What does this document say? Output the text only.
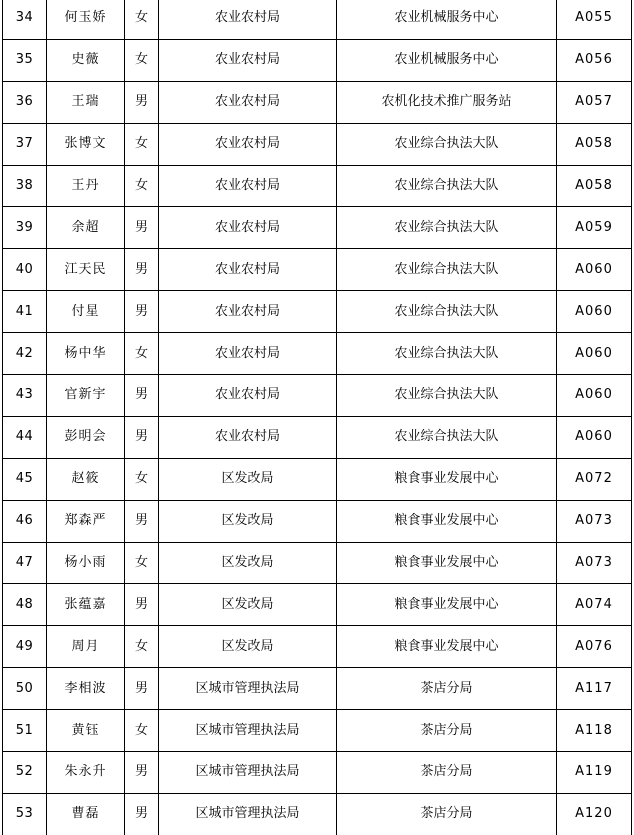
34	何玉娇	女	农业农村局	农业机械服务中心	A055
35	史薇	女	农业农村局	农业机械服务中心	A056
36	王瑞	男	农业农村局	农机化技术推广服务站	A057
37	张博文	女	农业农村局	农业综合执法大队	A058
38	王丹	女	农业农村局	农业综合执法大队	A058
39	余超	男	农业农村局	农业综合执法大队	A059
40	江天民	男	农业农村局	农业综合执法大队	A060
41	付星	男	农业农村局	农业综合执法大队	A060
42	杨中华	女	农业农村局	农业综合执法大队	A060
43	官新宇	男	农业农村局	农业综合执法大队	A060
44	彭明会	男	农业农村局	农业综合执法大队	A060
45	赵筱	女	区发改局	粮食事业发展中心	A072
46	郑森严	男	区发改局	粮食事业发展中心	A073
47	杨小雨	女	区发改局	粮食事业发展中心	A073
48	张蕴嘉	男	区发改局	粮食事业发展中心	A074
49	周月	女	区发改局	粮食事业发展中心	A076
50	李相波	男	区城市管理执法局	茶店分局	A117
51	黄钰	女	区城市管理执法局	茶店分局	A118
52	朱永升	男	区城市管理执法局	茶店分局	A119
53	曹磊	男	区城市管理执法局	茶店分局	A120
